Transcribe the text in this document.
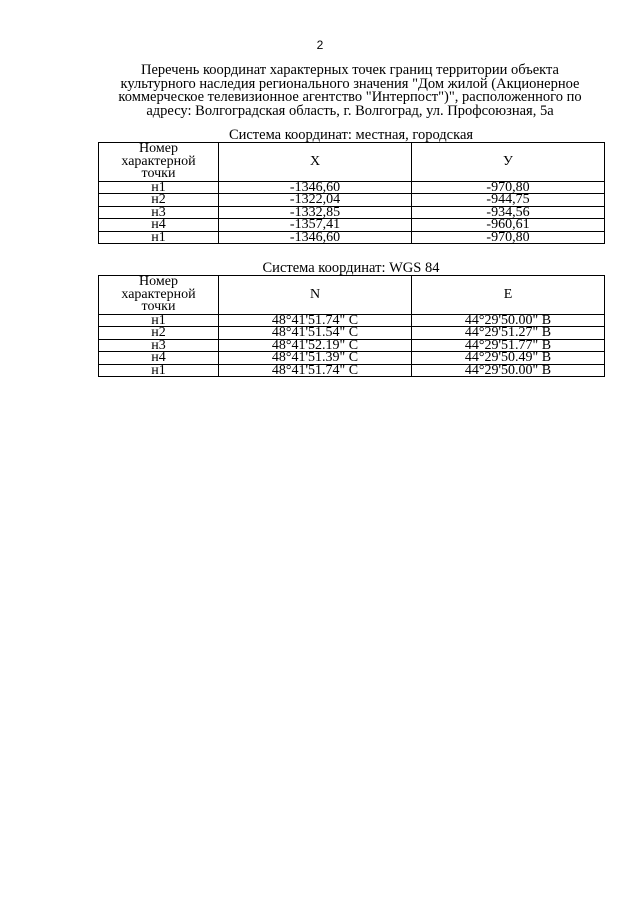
2
Перечень координат характерных точек границ территории объекта
культурного наследия регионального значения "Дом жилой (Акционерное
коммерческое телевизионное агентство "Интерпост")", расположенного по
адресу: Волгоградская область, г. Волгоград, ул. Профсоюзная, 5а
Система координат: местная, городская
Номер
характерной
точки	X	У
н1	-1346,60	-970,80
н2	-1322,04	-944,75
н3	-1332,85	-934,56
н4	-1357,41	-960,61
н1	-1346,60	-970,80
Система координат: WGS 84
Номер
характерной
точки	N	E
н1	48°41'51.74" С	44°29'50.00" В
н2	48°41'51.54" С	44°29'51.27" В
н3	48°41'52.19" С	44°29'51.77" В
н4	48°41'51.39" С	44°29'50.49" В
н1	48°41'51.74" С	44°29'50.00" В
